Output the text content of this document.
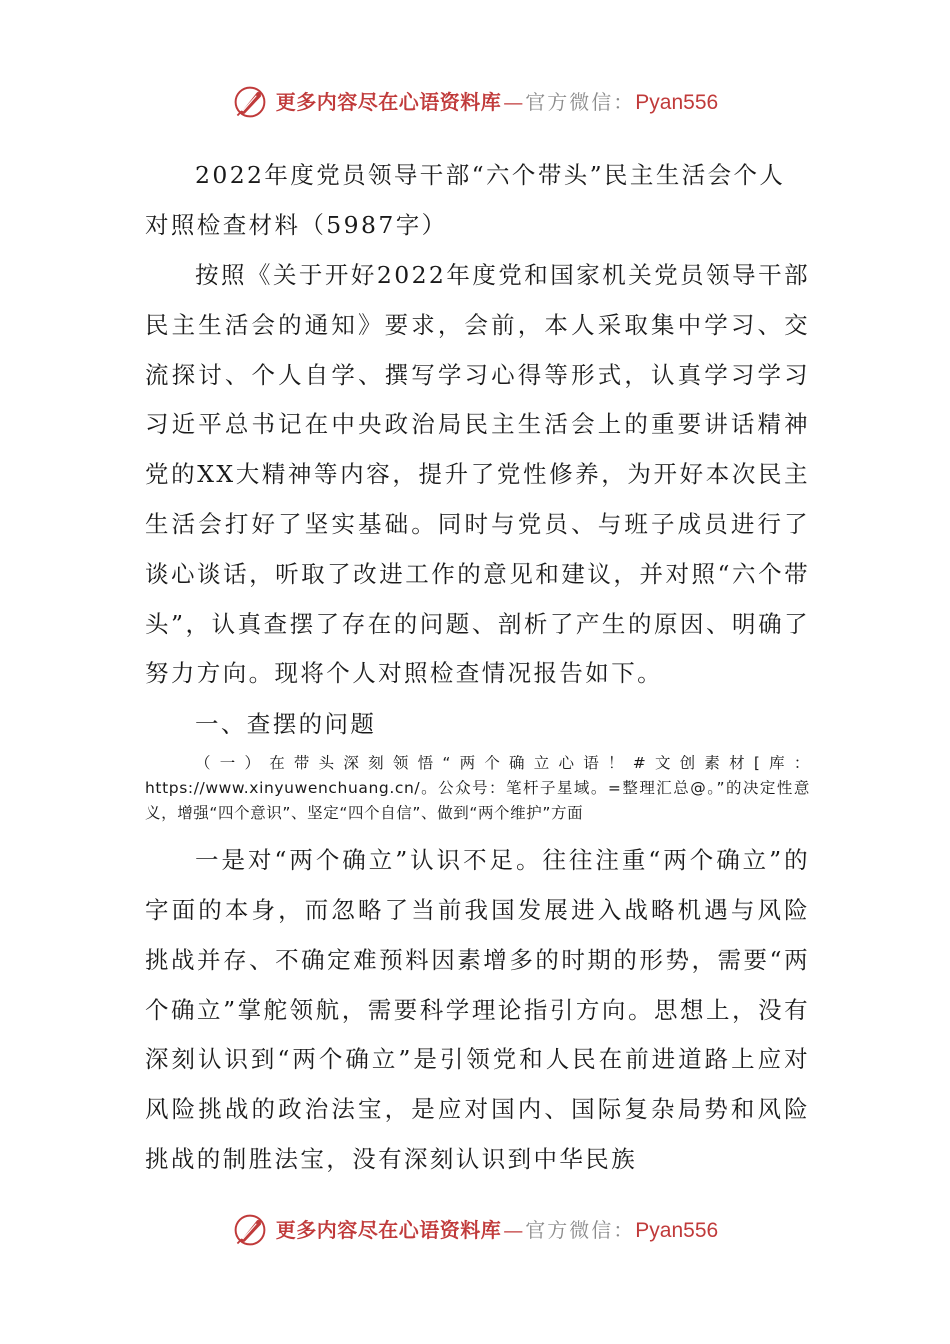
更多内容尽在心语资料库 — 官方微信： Pyan556

2022年度党员领导干部“六个带头”民主生活会个人对照检查材料（5987字）

按照《关于开好2022年度党和国家机关党员领导干部民主生活会的通知》要求，会前，本人采取集中学习、交流探讨、个人自学、撰写学习心得等形式，认真学习学习习近平总书记在中央政治局民主生活会上的重要讲话精神党的XX大精神等内容，提升了党性修养，为开好本次民主生活会打好了坚实基础。同时与党员、与班子成员进行了谈心谈话，听取了改进工作的意见和建议，并对照“六个带头”，认真查摆了存在的问题、剖析了产生的原因、明确了努力方向。现将个人对照检查情况报告如下。

一、查摆的问题

（一）在带头深刻领悟“两个确立心语！#文创素材[库：https://www.xinyuwenchuang.cn/。公众号：笔杆子星域。=整理汇总@。”的决定性意义，增强“四个意识”、坚定“四个自信”、做到“两个维护”方面

一是对“两个确立”认识不足。往往注重“两个确立”的字面的本身，而忽略了当前我国发展进入战略机遇与风险挑战并存、不确定难预料因素增多的时期的形势，需要“两个确立”掌舵领航，需要科学理论指引方向。思想上，没有深刻认识到“两个确立”是引领党和人民在前进道路上应对风险挑战的政治法宝，是应对国内、国际复杂局势和风险挑战的制胜法宝，没有深刻认识到中华民族

更多内容尽在心语资料库 — 官方微信： Pyan556
